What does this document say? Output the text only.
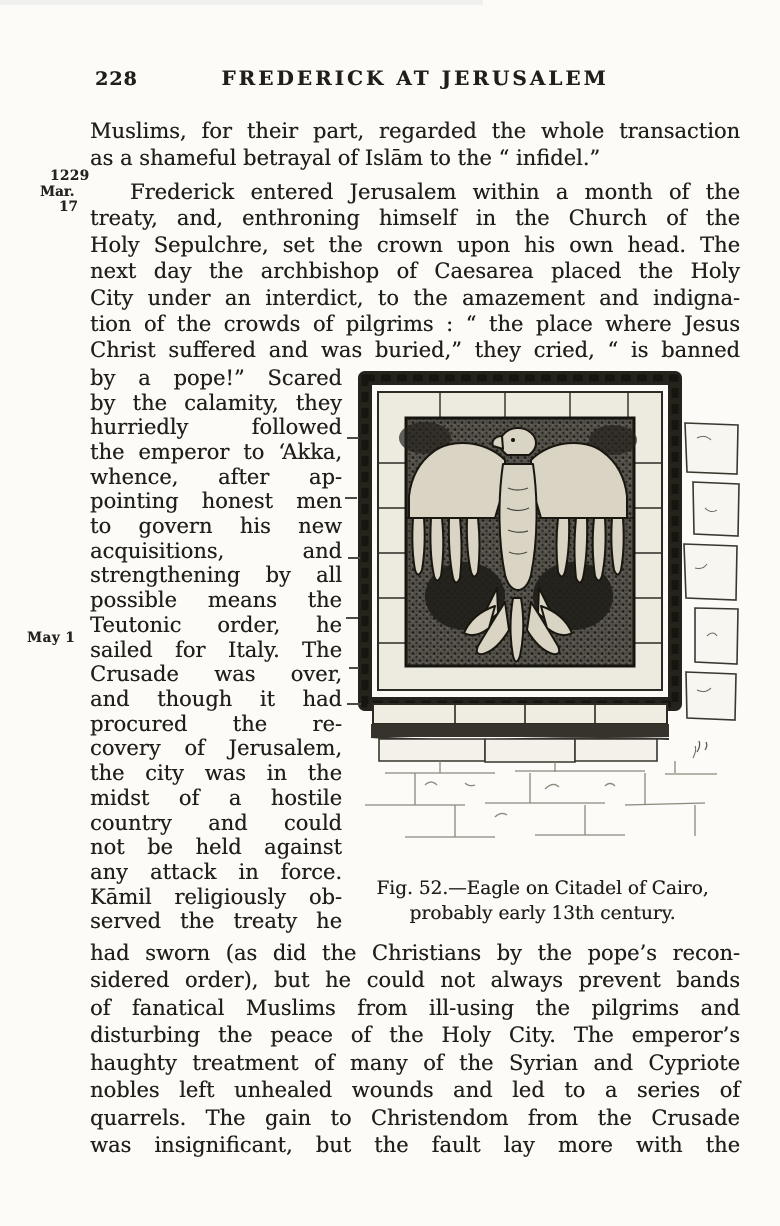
228	FREDERICK AT JERUSALEM
Muslims, for their part, regarded the whole transaction
as a shameful betrayal of Islām to the “ infidel.”
Frederick entered Jerusalem within a month of the
treaty, and, enthroning himself in the Church of the
Holy Sepulchre, set the crown upon his own head. The
next day the archbishop of Caesarea placed the Holy
City under an interdict, to the amazement and indigna-
tion of the crowds of pilgrims : “ the place where Jesus
Christ suffered and was buried,” they cried, “ is banned
by a pope!” Scared
by the calamity, they
hurriedly followed
the emperor to ‘Akka,
whence, after ap-
pointing honest men
to govern his new
acquisitions, and
strengthening by all
possible means the
Teutonic order, he
sailed for Italy. The
Crusade was over,
and though it had
procured the re-
covery of Jerusalem,
the city was in the
midst of a hostile
country and could
not be held against
any attack in force.
Kāmil religiously ob-
served the treaty he
Fig. 52.—Eagle on Citadel of Cairo,
probably early 13th century.
had sworn (as did the Christians by the pope’s recon-
sidered order), but he could not always prevent bands
of fanatical Muslims from ill-using the pilgrims and
disturbing the peace of the Holy City. The emperor’s
haughty treatment of many of the Syrian and Cypriote
nobles left unhealed wounds and led to a series of
quarrels. The gain to Christendom from the Crusade
was insignificant, but the fault lay more with the
1229
Mar.
17
May 1
